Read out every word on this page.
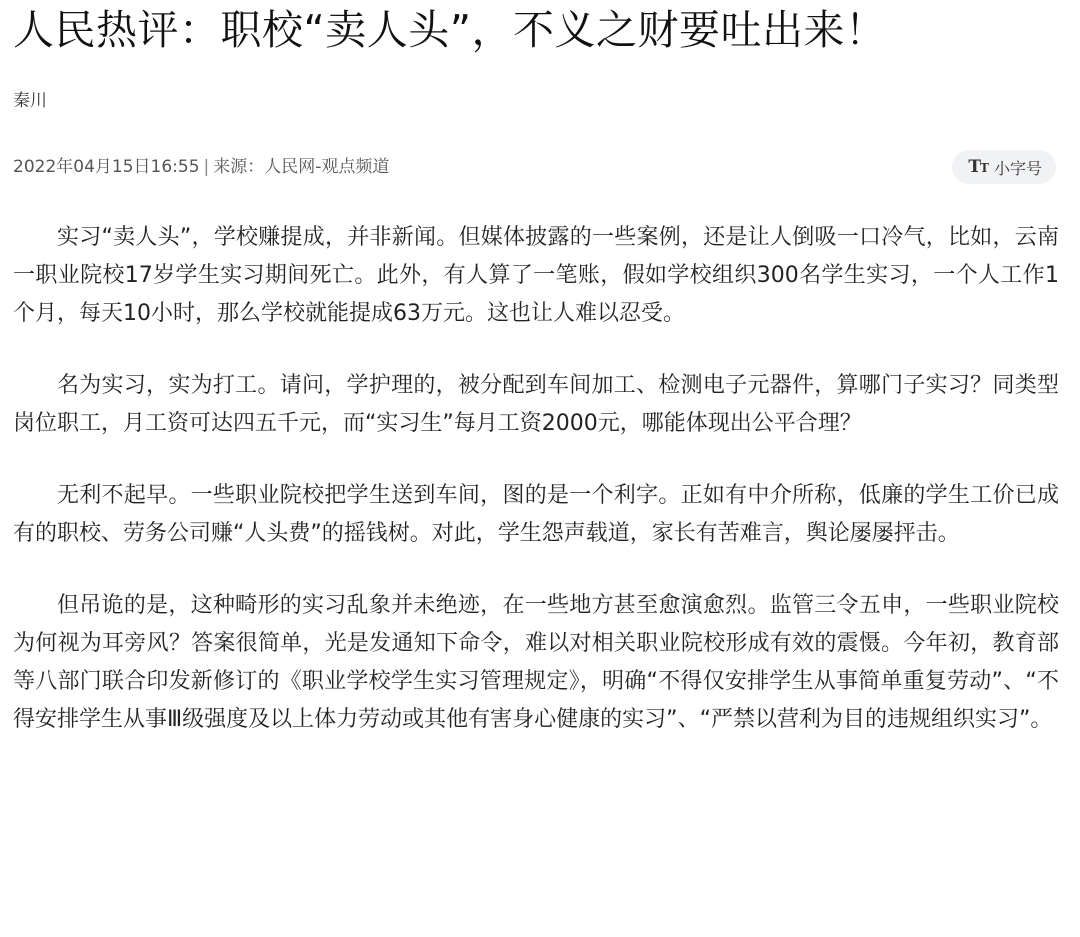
人民热评：职校“卖人头”，不义之财要吐出来！
秦川
2022年04月15日16:55 | 来源：人民网-观点频道	TT 小字号

实习“卖人头”，学校赚提成，并非新闻。但媒体披露的一些案例，还是让人倒吸一口冷气，比如，云南一职业院校17岁学生实习期间死亡。此外，有人算了一笔账，假如学校组织300名学生实习，一个人工作1个月，每天10小时，那么学校就能提成63万元。这也让人难以忍受。

名为实习，实为打工。请问，学护理的，被分配到车间加工、检测电子元器件，算哪门子实习？同类型岗位职工，月工资可达四五千元，而“实习生”每月工资2000元，哪能体现出公平合理？

无利不起早。一些职业院校把学生送到车间，图的是一个利字。正如有中介所称，低廉的学生工价已成有的职校、劳务公司赚“人头费”的摇钱树。对此，学生怨声载道，家长有苦难言，舆论屡屡抨击。

但吊诡的是，这种畸形的实习乱象并未绝迹，在一些地方甚至愈演愈烈。监管三令五申，一些职业院校为何视为耳旁风？答案很简单，光是发通知下命令，难以对相关职业院校形成有效的震慑。今年初，教育部等八部门联合印发新修订的《职业学校学生实习管理规定》，明确“不得仅安排学生从事简单重复劳动”、“不得安排学生从事Ⅲ级强度及以上体力劳动或其他有害身心健康的实习”、“严禁以营利为目的违规组织实习”。
